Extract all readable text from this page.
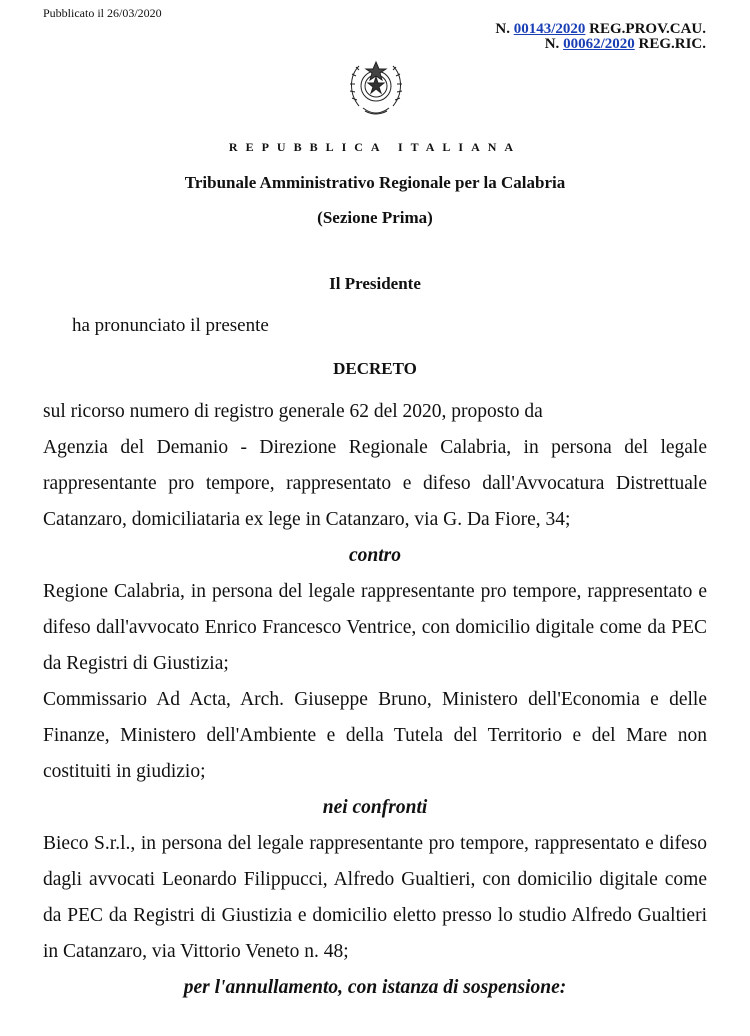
Pubblicato il 26/03/2020
N. 00143/2020 REG.PROV.CAU.
N. 00062/2020 REG.RIC.
REPUBBLICA ITALIANA
Tribunale Amministrativo Regionale per la Calabria
(Sezione Prima)
Il Presidente
ha pronunciato il presente
DECRETO

sul ricorso numero di registro generale 62 del 2020, proposto da

Agenzia del Demanio - Direzione Regionale Calabria, in persona del legale rappresentante pro tempore, rappresentato e difeso dall'Avvocatura Distrettuale Catanzaro, domiciliataria ex lege in Catanzaro, via G. Da Fiore, 34;

contro

Regione Calabria, in persona del legale rappresentante pro tempore, rappresentato e difeso dall'avvocato Enrico Francesco Ventrice, con domicilio digitale come da PEC da Registri di Giustizia;

Commissario Ad Acta, Arch. Giuseppe Bruno, Ministero dell'Economia e delle Finanze, Ministero dell'Ambiente e della Tutela del Territorio e del Mare non costituiti in giudizio;

nei confronti

Bieco S.r.l., in persona del legale rappresentante pro tempore, rappresentato e difeso dagli avvocati Leonardo Filippucci, Alfredo Gualtieri, con domicilio digitale come da PEC da Registri di Giustizia e domicilio eletto presso lo studio Alfredo Gualtieri in Catanzaro, via Vittorio Veneto n. 48;

per l'annullamento, con istanza di sospensione:
